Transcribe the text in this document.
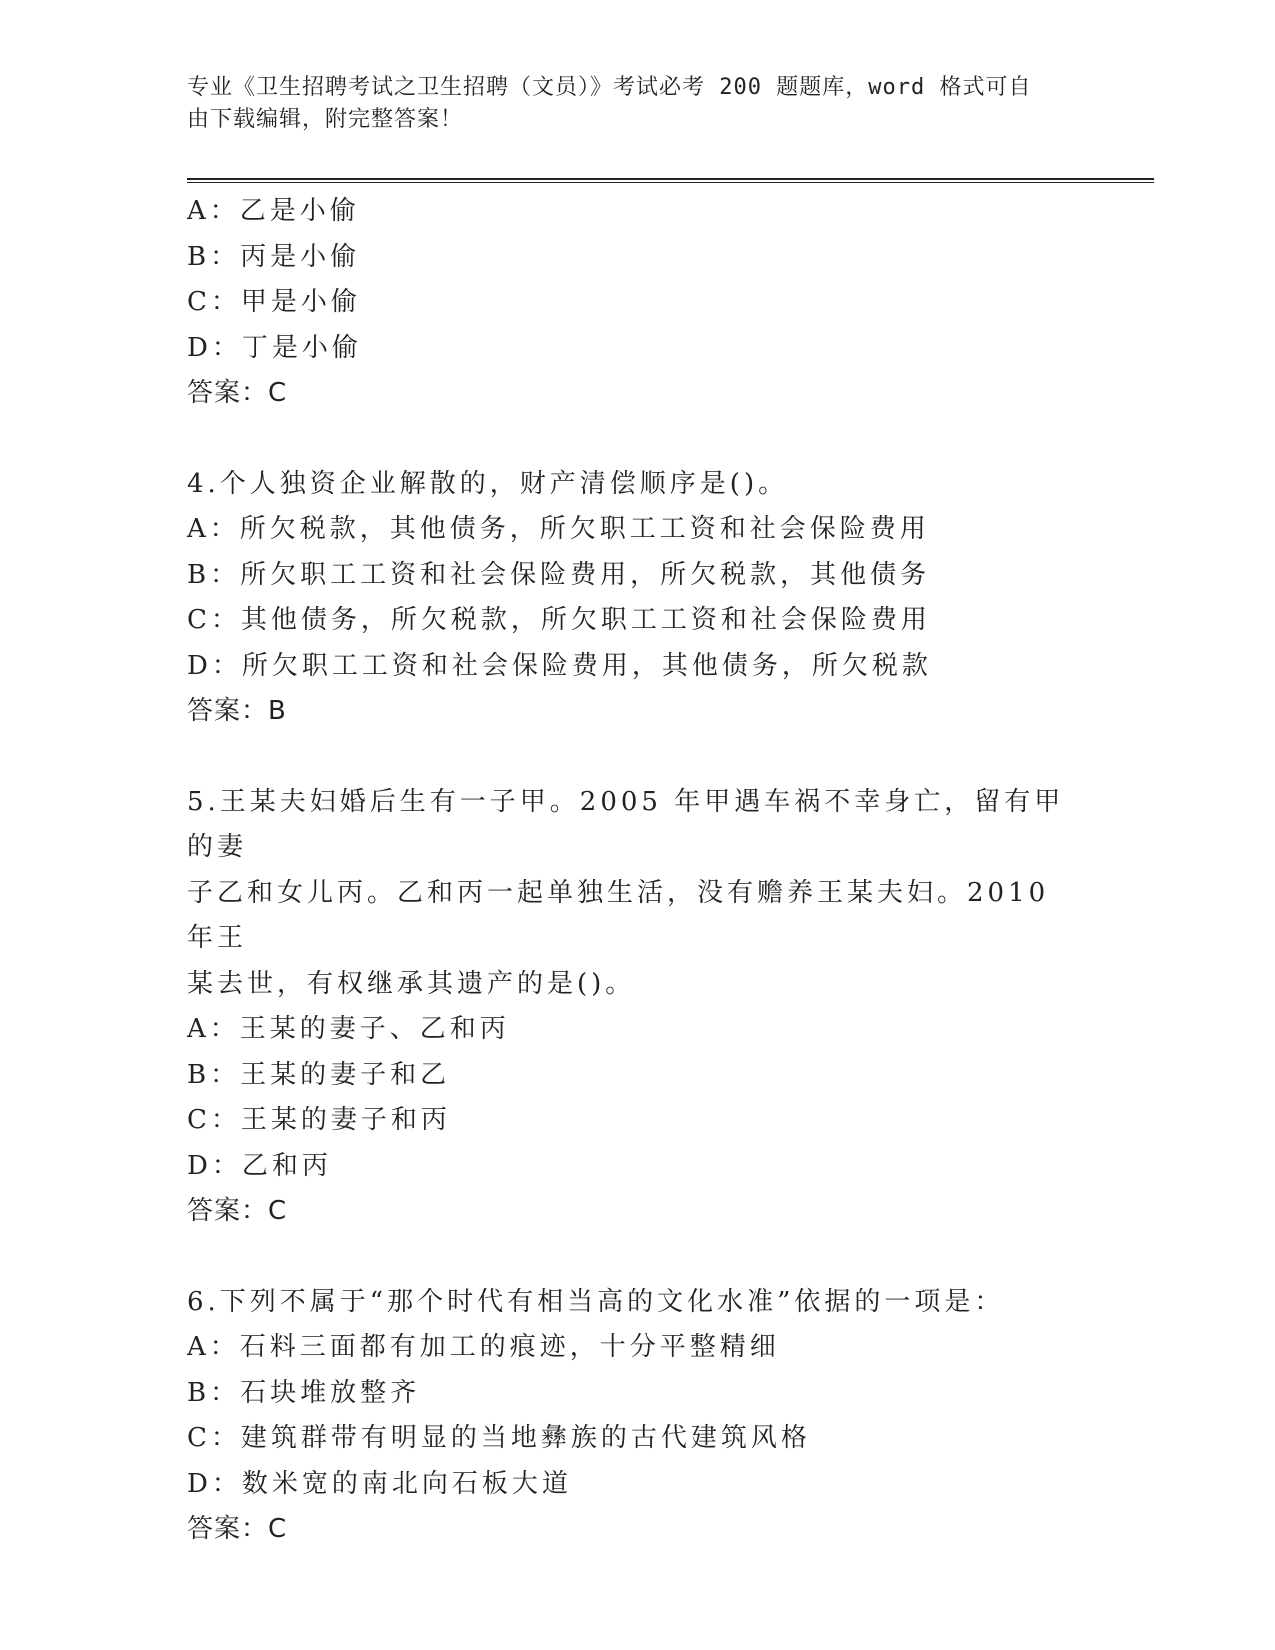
专业《卫生招聘考试之卫生招聘（文员）》考试必考 200 题题库，word 格式可自
由下载编辑，附完整答案！
A：乙是小偷
B：丙是小偷
C：甲是小偷
D：丁是小偷
答案：C
4.个人独资企业解散的，财产清偿顺序是()。
A：所欠税款，其他债务，所欠职工工资和社会保险费用
B：所欠职工工资和社会保险费用，所欠税款，其他债务
C：其他债务，所欠税款，所欠职工工资和社会保险费用
D：所欠职工工资和社会保险费用，其他债务，所欠税款
答案：B
5.王某夫妇婚后生有一子甲。2005 年甲遇车祸不幸身亡，留有甲的妻
子乙和女儿丙。乙和丙一起单独生活，没有赡养王某夫妇。2010 年王
某去世，有权继承其遗产的是()。
A：王某的妻子、乙和丙
B：王某的妻子和乙
C：王某的妻子和丙
D：乙和丙
答案：C
6.下列不属于“那个时代有相当高的文化水准”依据的一项是：
A：石料三面都有加工的痕迹，十分平整精细
B：石块堆放整齐
C：建筑群带有明显的当地彝族的古代建筑风格
D：数米宽的南北向石板大道
答案：C
